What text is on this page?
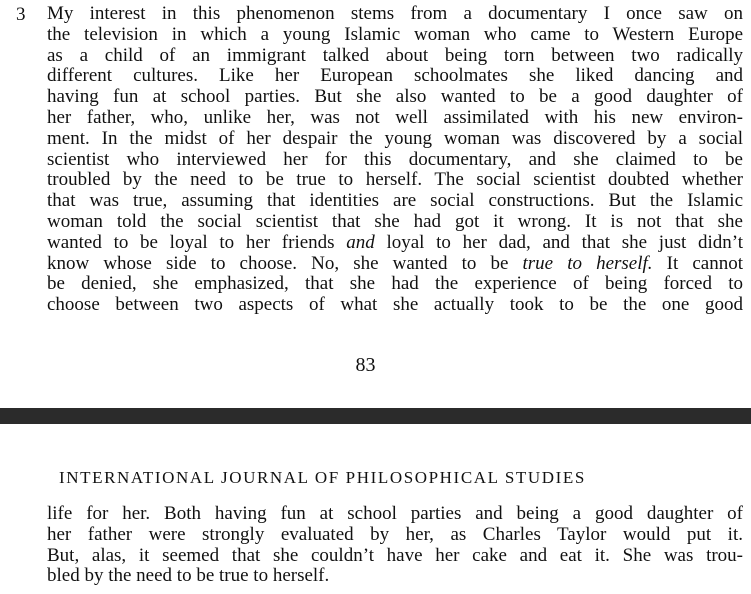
3 My interest in this phenomenon stems from a documentary I once saw on
the television in which a young Islamic woman who came to Western Europe
as a child of an immigrant talked about being torn between two radically
different cultures. Like her European schoolmates she liked dancing and
having fun at school parties. But she also wanted to be a good daughter of
her father, who, unlike her, was not well assimilated with his new environ-
ment. In the midst of her despair the young woman was discovered by a social
scientist who interviewed her for this documentary, and she claimed to be
troubled by the need to be true to herself. The social scientist doubted whether
that was true, assuming that identities are social constructions. But the Islamic
woman told the social scientist that she had got it wrong. It is not that she
wanted to be loyal to her friends and loyal to her dad, and that she just didn’t
know whose side to choose. No, she wanted to be true to herself. It cannot
be denied, she emphasized, that she had the experience of being forced to
choose between two aspects of what she actually took to be the one good
83
INTERNATIONAL JOURNAL OF PHILOSOPHICAL STUDIES
life for her. Both having fun at school parties and being a good daughter of
her father were strongly evaluated by her, as Charles Taylor would put it.
But, alas, it seemed that she couldn’t have her cake and eat it. She was trou-
bled by the need to be true to herself.
